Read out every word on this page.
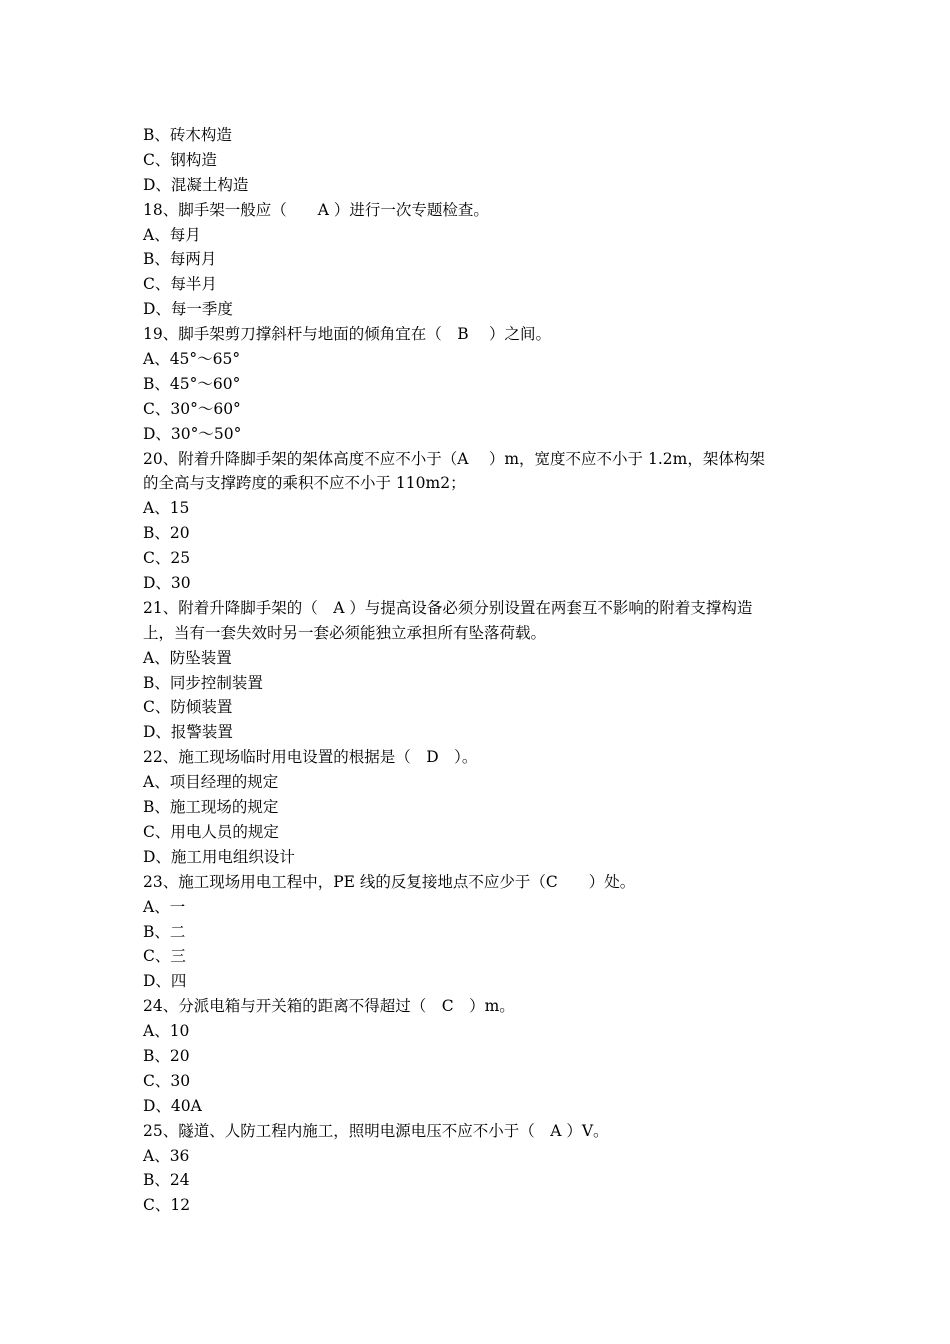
B、砖木构造
C、钢构造
D、混凝土构造
18、脚手架一般应（　　A ）进行一次专题检查。
A、每月
B、每两月
C、每半月
D、每一季度
19、脚手架剪刀撑斜杆与地面的倾角宜在（　B　 ）之间。
A、45°～65°
B、45°～60°
C、30°～60°
D、30°～50°
20、附着升降脚手架的架体高度不应不小于（A　 ）m，宽度不应不小于 1.2m，架体构架
的全高与支撑跨度的乘积不应不小于 110m2；
A、15
B、20
C、25
D、30
21、附着升降脚手架的（　A ）与提高设备必须分别设置在两套互不影响的附着支撑构造
上，当有一套失效时另一套必须能独立承担所有坠落荷载。
A、防坠装置
B、同步控制装置
C、防倾装置
D、报警装置
22、施工现场临时用电设置的根据是（　D　）。
A、项目经理的规定
B、施工现场的规定
C、用电人员的规定
D、施工用电组织设计
23、施工现场用电工程中，PE 线的反复接地点不应少于（C　　）处。
A、一
B、二
C、三
D、四
24、分派电箱与开关箱的距离不得超过（　C　）m。
A、10
B、20
C、30
D、40A
25、隧道、人防工程内施工，照明电源电压不应不小于（　A ）V。
A、36
B、24
C、12
